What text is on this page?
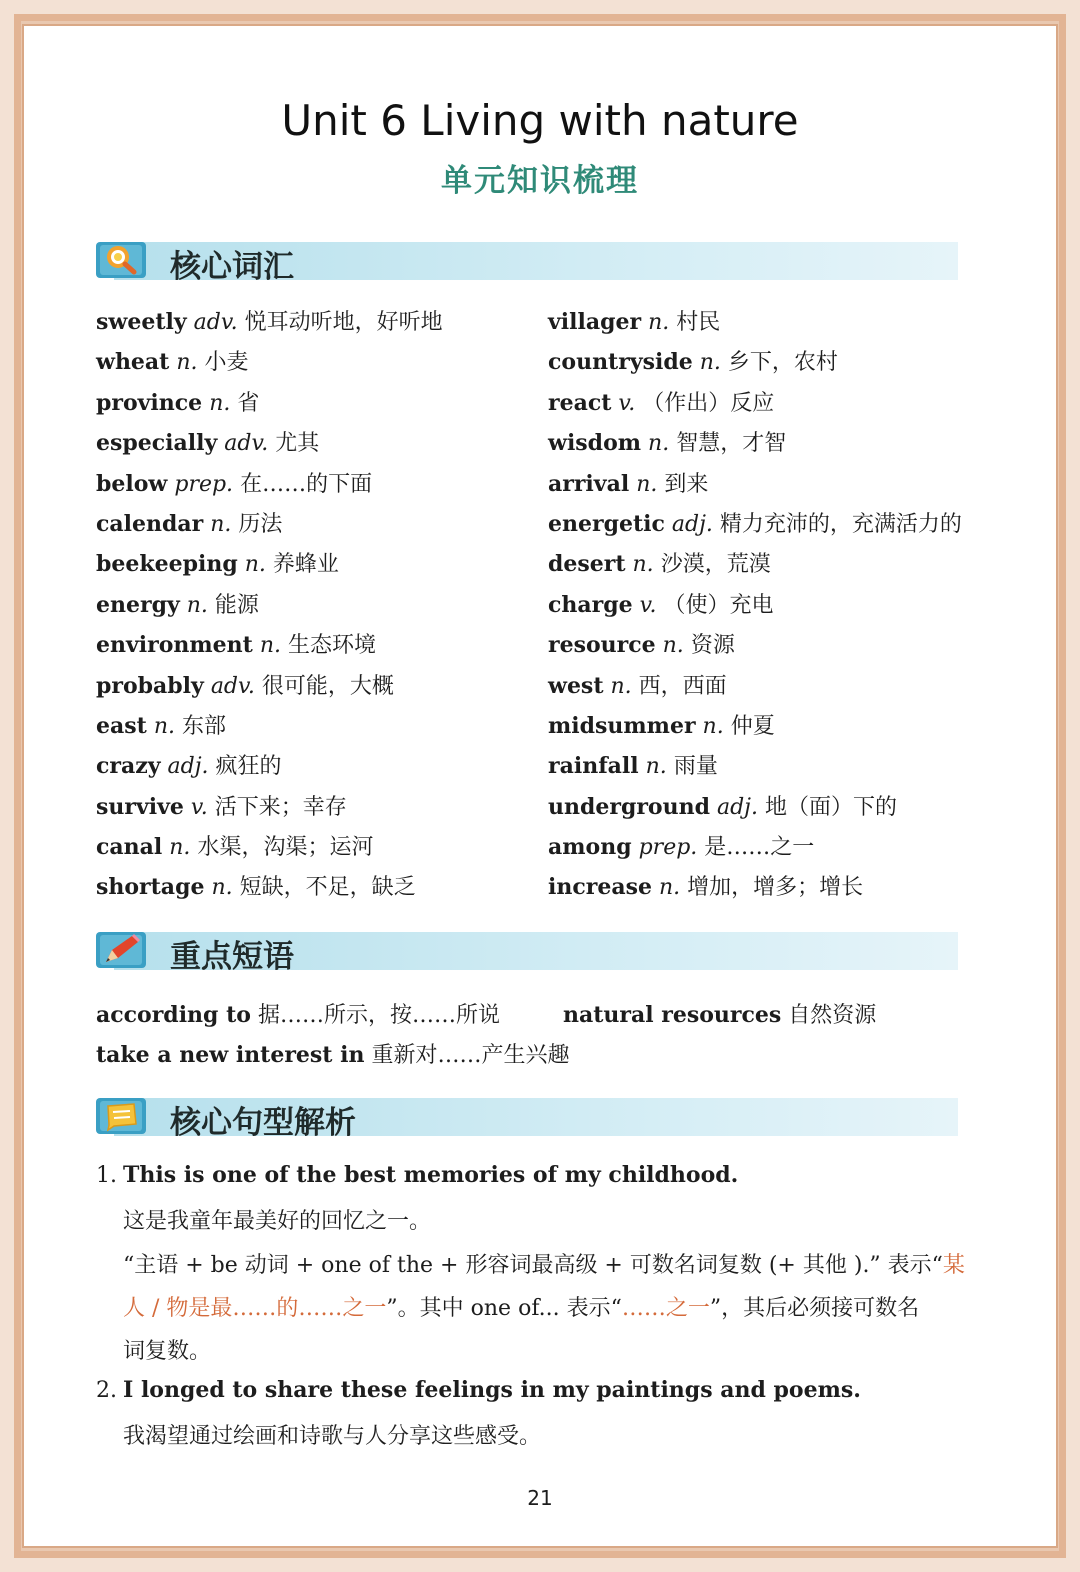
Unit 6 Living with nature
单元知识梳理
核心词汇
sweetly adv. 悦耳动听地，好听地
wheat n. 小麦
province n. 省
especially adv. 尤其
below prep. 在……的下面
calendar n. 历法
beekeeping n. 养蜂业
energy n. 能源
environment n. 生态环境
probably adv. 很可能，大概
east n. 东部
crazy adj. 疯狂的
survive v. 活下来；幸存
canal n. 水渠，沟渠；运河
shortage n. 短缺，不足，缺乏
villager n. 村民
countryside n. 乡下，农村
react v. （作出）反应
wisdom n. 智慧，才智
arrival n. 到来
energetic adj. 精力充沛的，充满活力的
desert n. 沙漠，荒漠
charge v. （使）充电
resource n. 资源
west n. 西，西面
midsummer n. 仲夏
rainfall n. 雨量
underground adj. 地（面）下的
among prep. 是……之一
increase n. 增加，增多；增长
重点短语
according to 据……所示，按……所说	natural resources 自然资源
take a new interest in 重新对……产生兴趣
核心句型解析
1. This is one of the best memories of my childhood.
这是我童年最美好的回忆之一。
“主语 + be 动词 + one of the + 形容词最高级 + 可数名词复数 (+ 其他 ).” 表示“某
人 / 物是最……的……之一”。其中 one of... 表示“……之一”，其后必须接可数名
词复数。
2. I longed to share these feelings in my paintings and poems.
我渴望通过绘画和诗歌与人分享这些感受。
21
